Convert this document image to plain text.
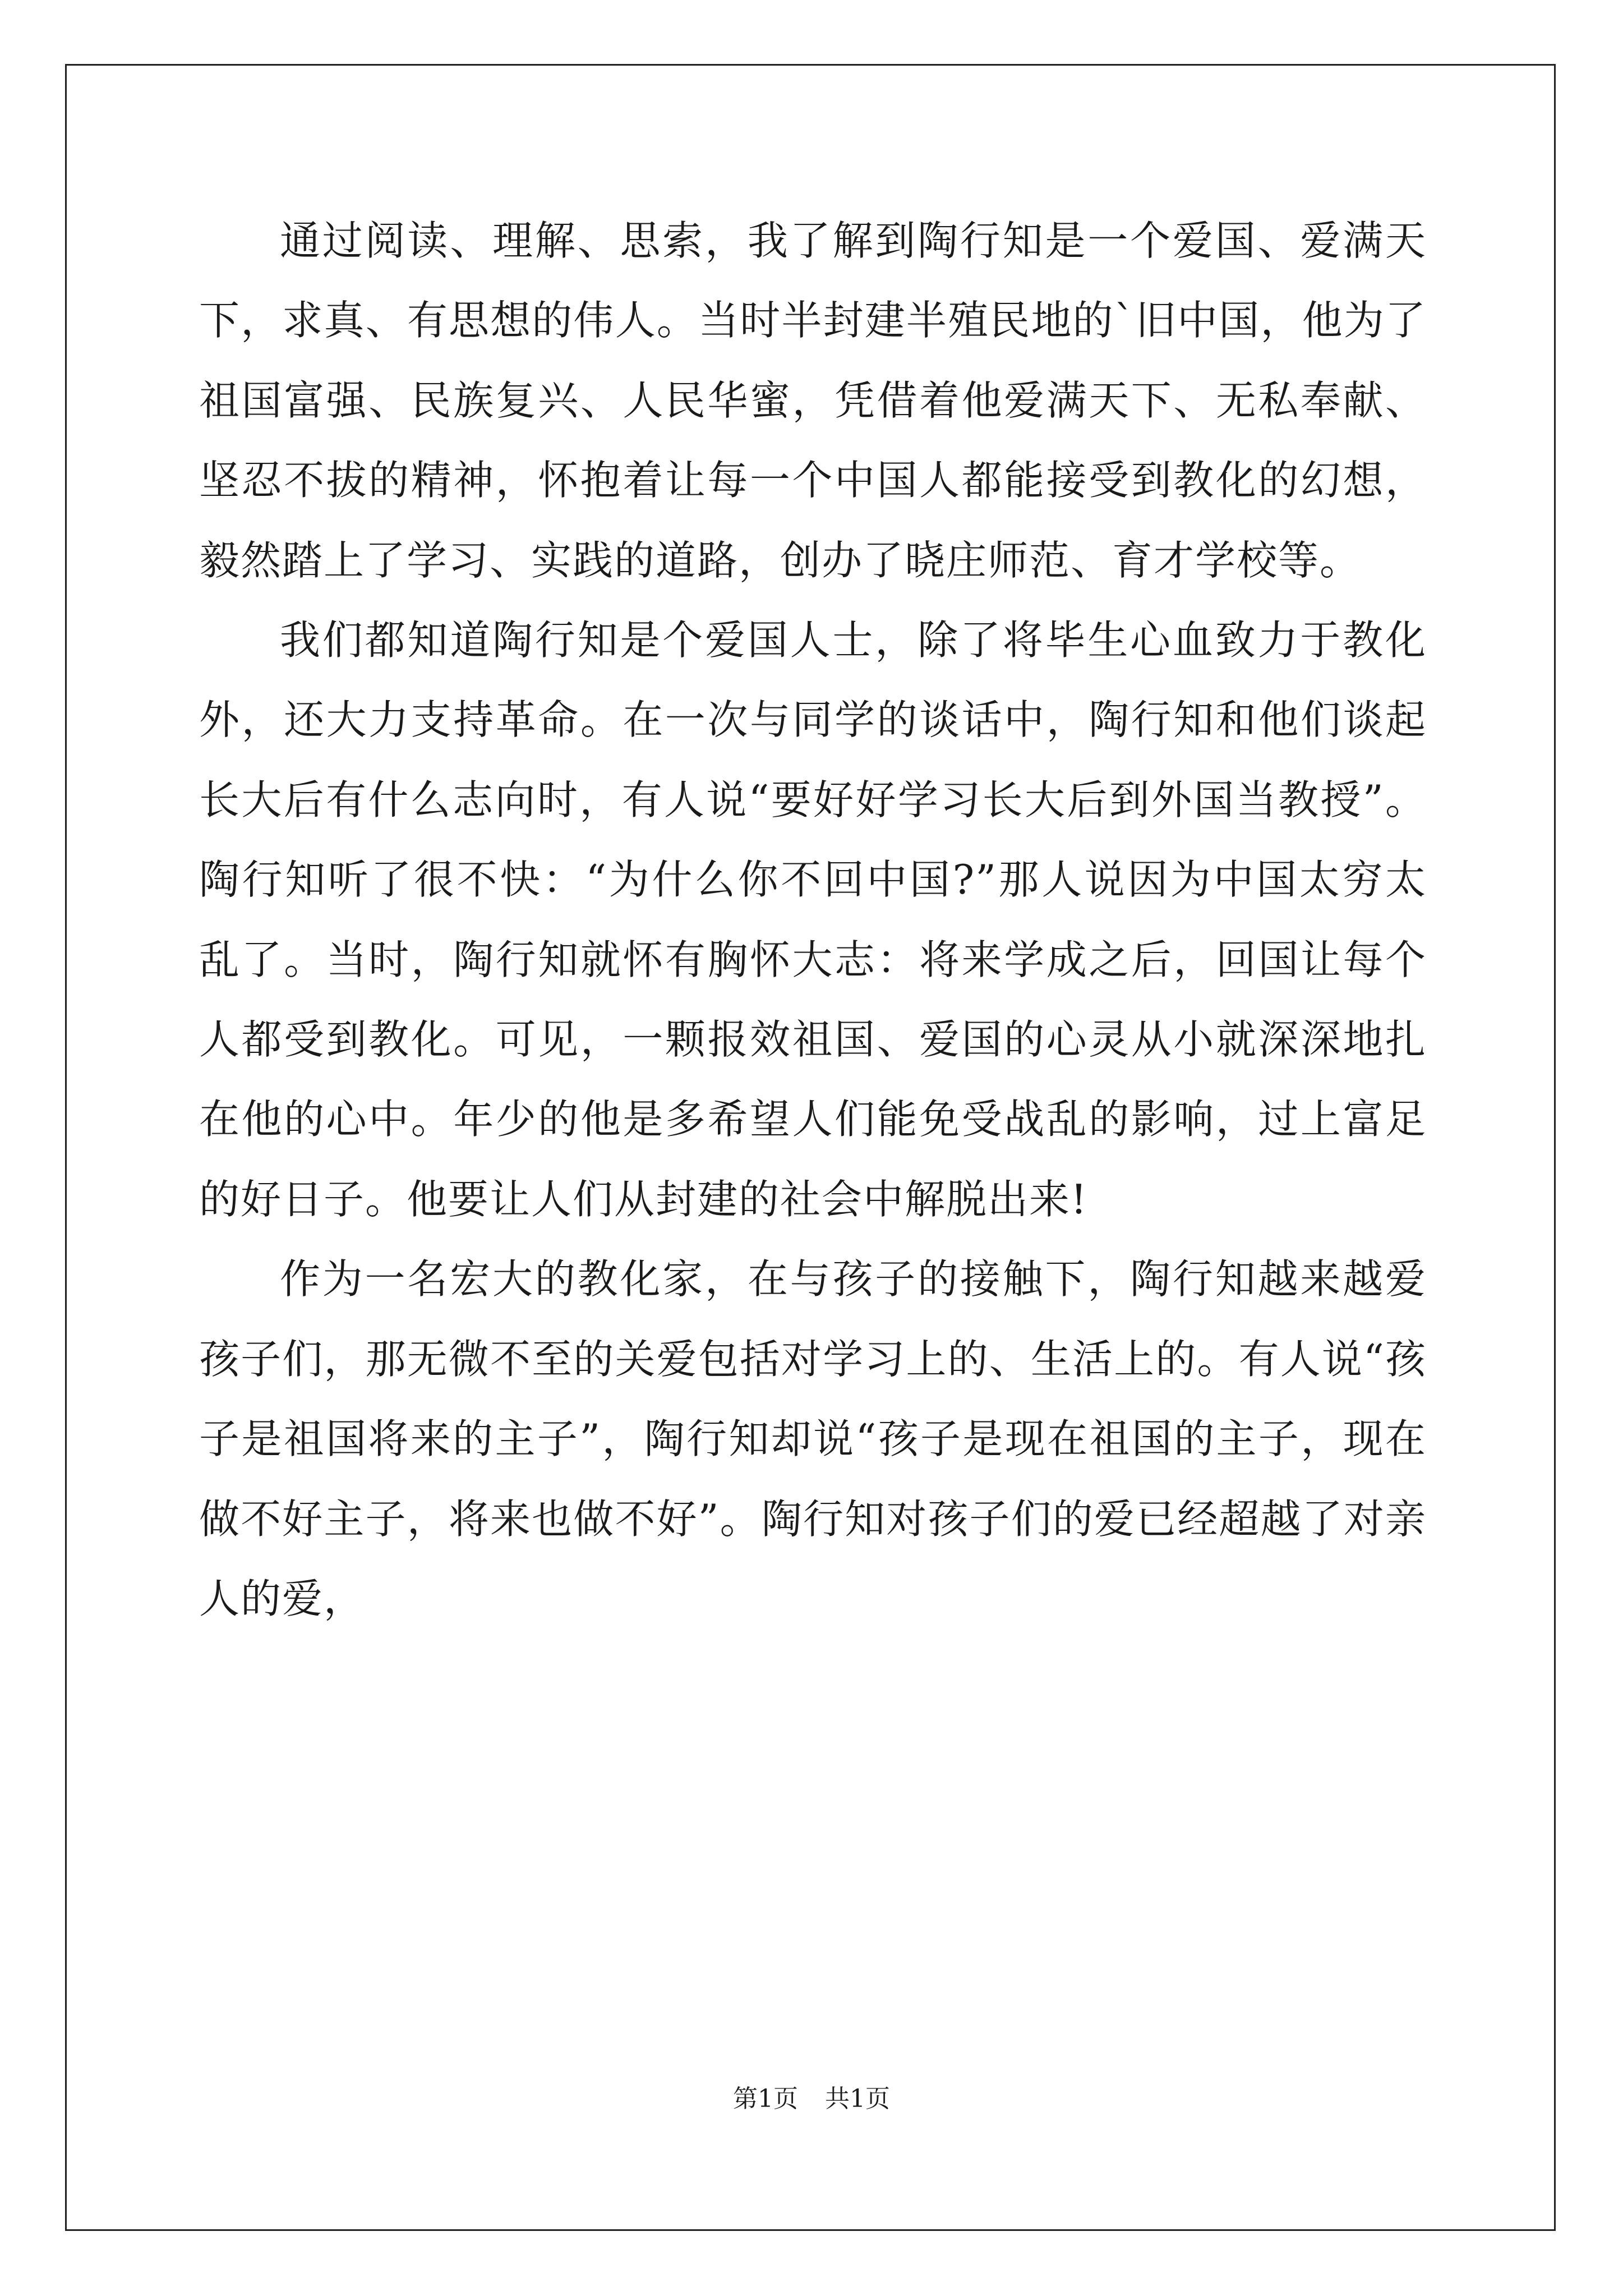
通过阅读、理解、思索，我了解到陶行知是一个爱国、爱满天下，求真、有思想的伟人。当时半封建半殖民地的`旧中国，他为了祖国富强、民族复兴、人民华蜜，凭借着他爱满天下、无私奉献、坚忍不拔的精神，怀抱着让每一个中国人都能接受到教化的幻想，毅然踏上了学习、实践的道路，创办了晓庄师范、育才学校等。

我们都知道陶行知是个爱国人士，除了将毕生心血致力于教化外，还大力支持革命。在一次与同学的谈话中，陶行知和他们谈起长大后有什么志向时，有人说“要好好学习长大后到外国当教授”。陶行知听了很不快：“为什么你不回中国?”那人说因为中国太穷太乱了。当时，陶行知就怀有胸怀大志：将来学成之后，回国让每个人都受到教化。可见，一颗报效祖国、爱国的心灵从小就深深地扎在他的心中。年少的他是多希望人们能免受战乱的影响，过上富足的好日子。他要让人们从封建的社会中解脱出来!

作为一名宏大的教化家，在与孩子的接触下，陶行知越来越爱孩子们，那无微不至的关爱包括对学习上的、生活上的。有人说“孩子是祖国将来的主子”，陶行知却说“孩子是现在祖国的主子，现在做不好主子，将来也做不好”。陶行知对孩子们的爱已经超越了对亲人的爱，

第1页 共1页
